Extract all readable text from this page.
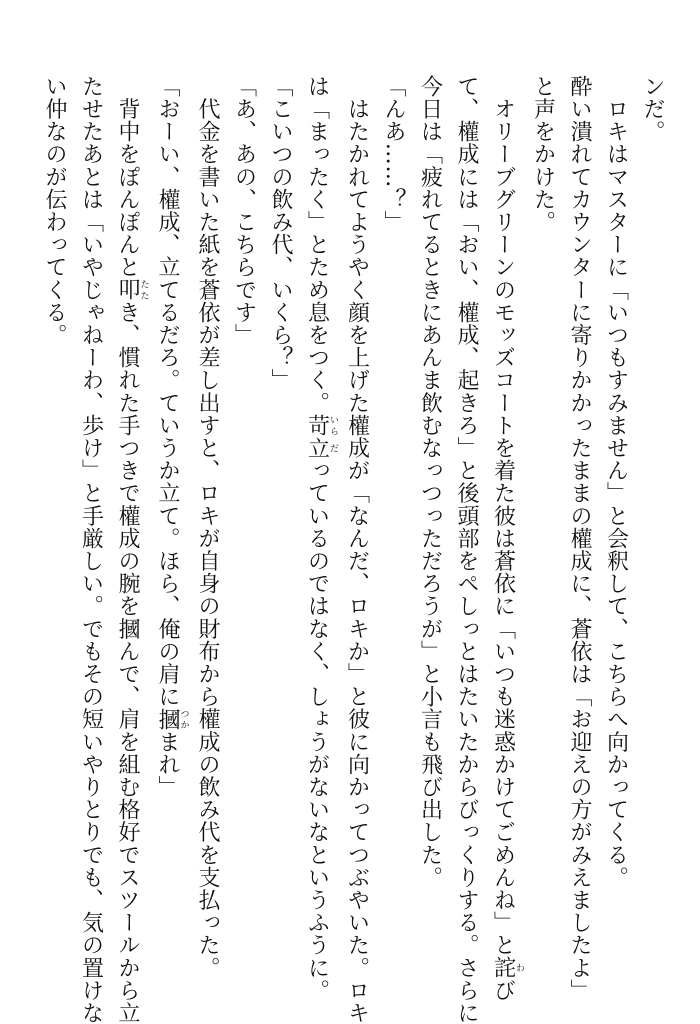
ンだ。
　ロキはマスターに「いつもすみません」と会釈して、こちらへ向かってくる。
酔い潰れてカウンターに寄りかかったままの權成に、蒼依は「お迎えの方がみえましたよ」
と声をかけた。
　オリーブグリーンのモッズコートを着た彼は蒼依に「いつも迷惑かけてごめんね」と詫わび
て、權成には「おい、權成、起きろ」と後頭部をペしっとはたいたからびっくりする。さらに
今日は「疲れてるときにあんま飲むなっつっただろうが」と小言も飛び出した。
「んあ……？」
　はたかれてようやく顔を上げた權成が「なんだ、ロキか」と彼に向かってつぶやいた。ロキ
は「まったく」とため息をつく。苛いら立だっているのではなく、しょうがないなというふうに。
「こいつの飲み代、いくら？」
「あ、あの、こちらです」
　代金を書いた紙を蒼依が差し出すと、ロキが自身の財布から權成の飲み代を支払った。
「おーい、權成、立てるだろ。ていうか立て。ほら、俺の肩に摑つかまれ」
　背中をぽんぽんと叩たたき、慣れた手つきで權成の腕を摑んで、肩を組む格好でスツールから立
たせたあとは「いやじゃねーわ、歩け」と手厳しい。でもその短いやりとりでも、気の置けな
い仲なのが伝わってくる。
